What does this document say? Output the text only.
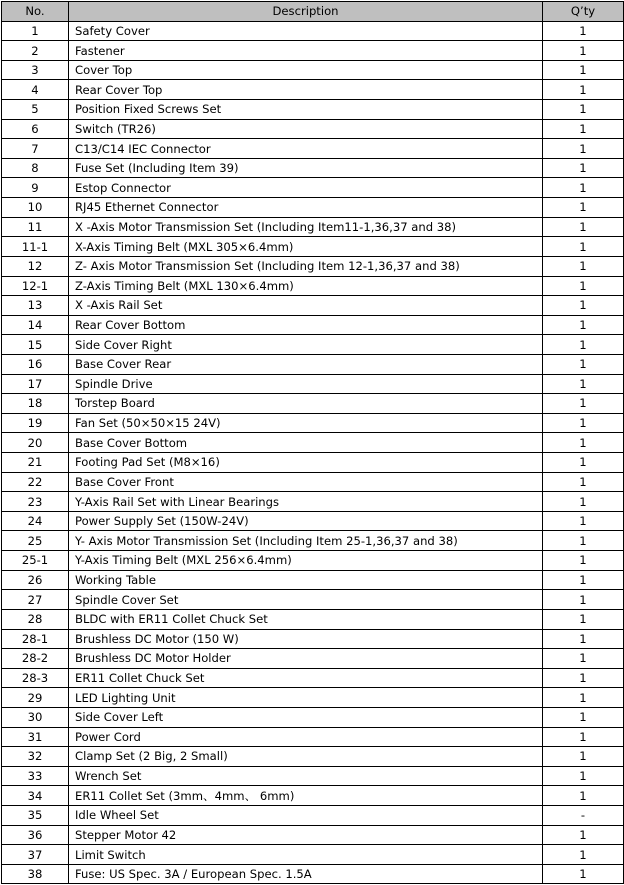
No.	Description	Q’ty
1	Safety Cover	1
2	Fastener	1
3	Cover Top	1
4	Rear Cover Top	1
5	Position Fixed Screws Set	1
6	Switch (TR26)	1
7	C13/C14 IEC Connector	1
8	Fuse Set (Including Item 39)	1
9	Estop Connector	1
10	RJ45 Ethernet Connector	1
11	X -Axis Motor Transmission Set (Including Item11-1,36,37 and 38)	1
11-1	X-Axis Timing Belt (MXL 305×6.4mm)	1
12	Z- Axis Motor Transmission Set (Including Item 12-1,36,37 and 38)	1
12-1	Z-Axis Timing Belt (MXL 130×6.4mm)	1
13	X -Axis Rail Set	1
14	Rear Cover Bottom	1
15	Side Cover Right	1
16	Base Cover Rear	1
17	Spindle Drive	1
18	Torstep Board	1
19	Fan Set (50×50×15 24V)	1
20	Base Cover Bottom	1
21	Footing Pad Set (M8×16)	1
22	Base Cover Front	1
23	Y-Axis Rail Set with Linear Bearings	1
24	Power Supply Set (150W-24V)	1
25	Y- Axis Motor Transmission Set (Including Item 25-1,36,37 and 38)	1
25-1	Y-Axis Timing Belt (MXL 256×6.4mm)	1
26	Working Table	1
27	Spindle Cover Set	1
28	BLDC with ER11 Collet Chuck Set	1
28-1	Brushless DC Motor (150 W)	1
28-2	Brushless DC Motor Holder	1
28-3	ER11 Collet Chuck Set	1
29	LED Lighting Unit	1
30	Side Cover Left	1
31	Power Cord	1
32	Clamp Set (2 Big, 2 Small)	1
33	Wrench Set	1
34	ER11 Collet Set (3mm、4mm、 6mm)	1
35	Idle Wheel Set	-
36	Stepper Motor 42	1
37	Limit Switch	1
38	Fuse: US Spec. 3A / European Spec. 1.5A	1
